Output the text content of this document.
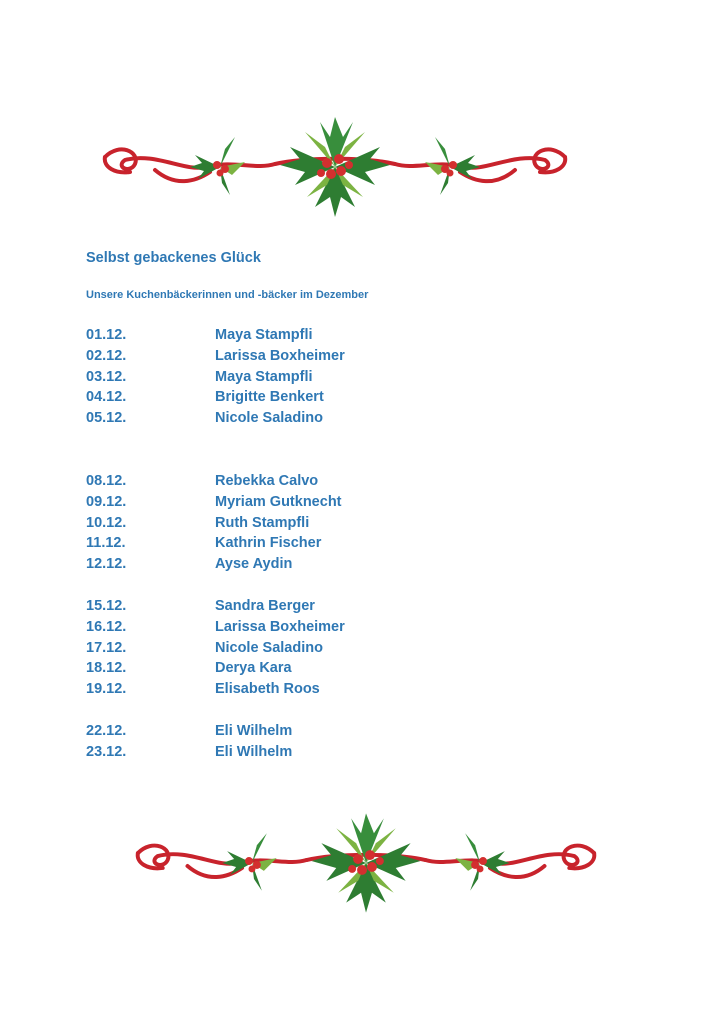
Selbst gebackenes Glück
Unsere Kuchenbäckerinnen und -bäcker im Dezember
01.12.	Maya Stampfli
02.12.	Larissa Boxheimer
03.12.	Maya Stampfli
04.12.	Brigitte Benkert
05.12.	Nicole Saladino
08.12.	Rebekka Calvo
09.12.	Myriam Gutknecht
10.12.	Ruth Stampfli
11.12.	Kathrin Fischer
12.12.	Ayse Aydin
15.12.	Sandra Berger
16.12.	Larissa Boxheimer
17.12.	Nicole Saladino
18.12.	Derya Kara
19.12.	Elisabeth Roos
22.12.	Eli Wilhelm
23.12.	Eli Wilhelm
